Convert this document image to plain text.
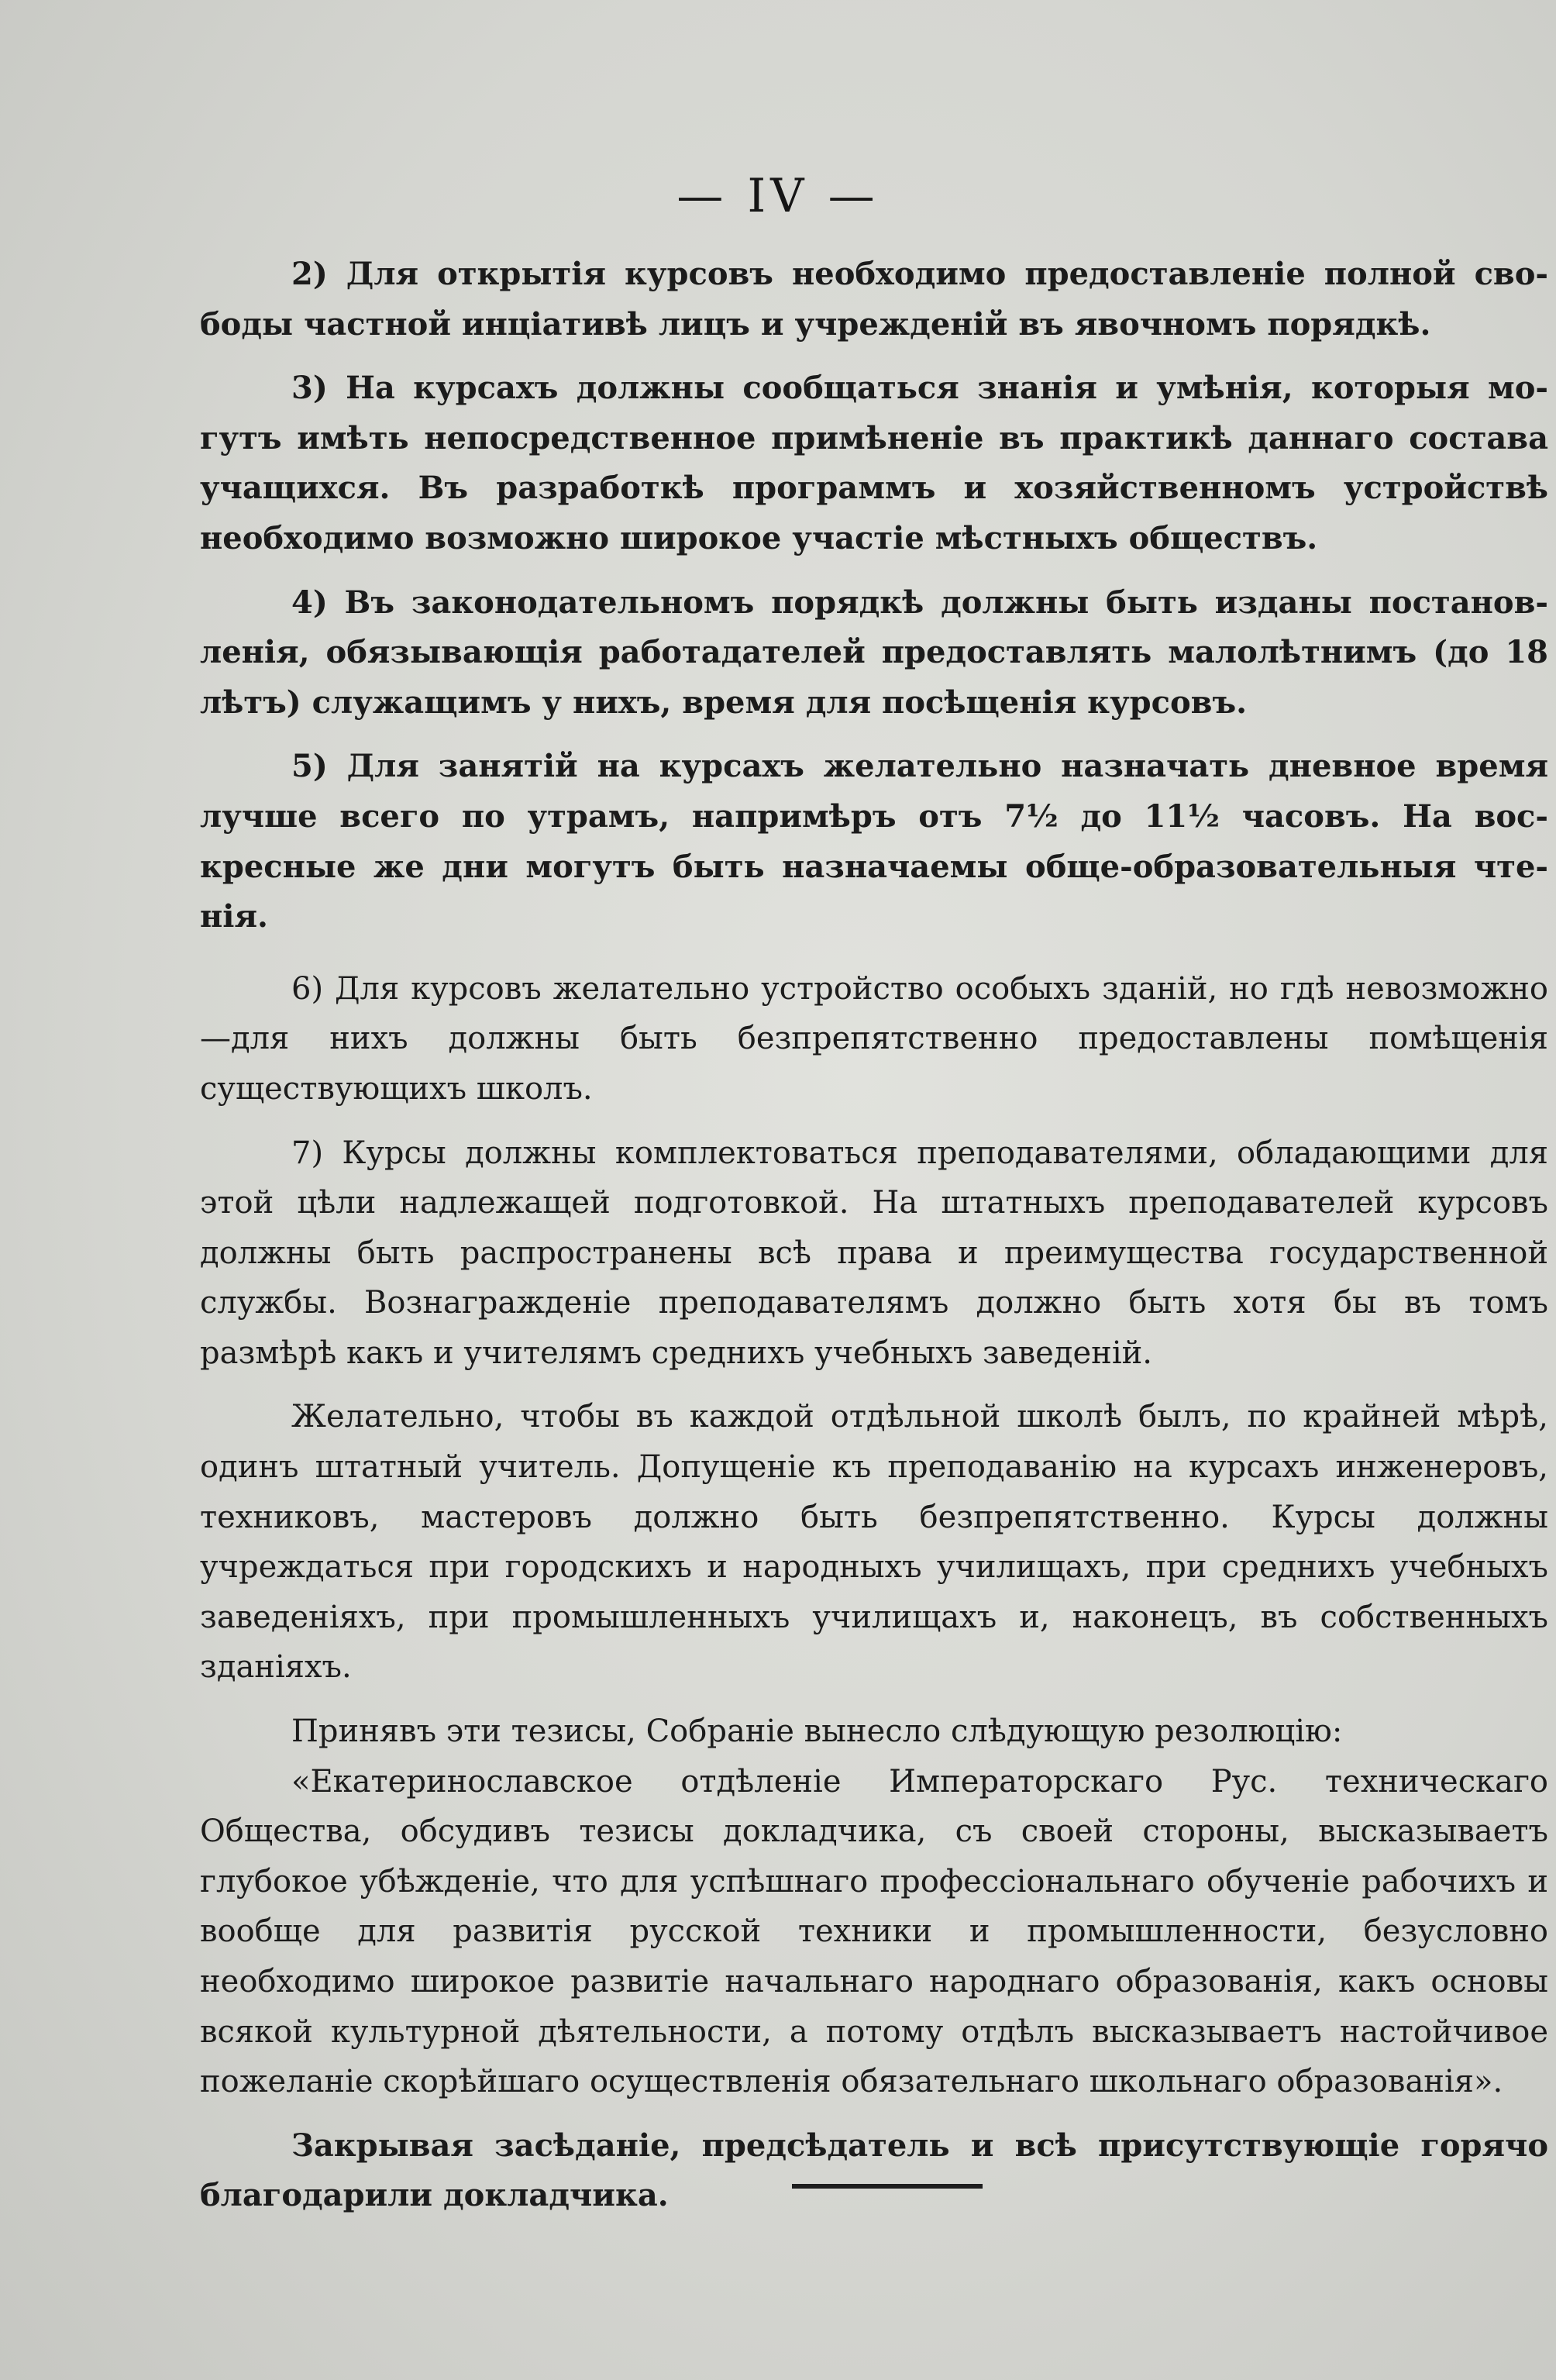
— IV —

2) Для открытія курсовъ необходимо предоставленіе полной свободы частной инціативѣ лицъ и учрежденій въ явочномъ порядкѣ.

3) На курсахъ должны сообщаться знанія и умѣнія, которыя могутъ имѣть непосредственное примѣненіе въ практикѣ даннаго состава учащихся. Въ разработкѣ программъ и хозяйственномъ устройствѣ необходимо возможно широкое участіе мѣстныхъ обществъ.

4) Въ законодательномъ порядкѣ должны быть изданы постановленія, обязывающія работадателей предоставлять малолѣтнимъ (до 18 лѣтъ) служащимъ у нихъ, время для посѣщенія курсовъ.

5) Для занятій на курсахъ желательно назначать дневное время лучше всего по утрамъ, напримѣръ отъ 7½ до 11½ часовъ. На воскресные же дни могутъ быть назначаемы обще-образовательныя чтенія.

6) Для курсовъ желательно устройство особыхъ зданій, но гдѣ невозможно—для нихъ должны быть безпрепятственно предоставлены помѣщенія существующихъ школъ.

7) Курсы должны комплектоваться преподавателями, обладающими для этой цѣли надлежащей подготовкой. На штатныхъ преподавателей курсовъ должны быть распространены всѣ права и преимущества государственной службы. Вознагражденіе преподавателямъ должно быть хотя бы въ томъ размѣрѣ какъ и учителямъ среднихъ учебныхъ заведеній.

Желательно, чтобы въ каждой отдѣльной школѣ былъ, по крайней мѣрѣ, одинъ штатный учитель. Допущеніе къ преподаванію на курсахъ инженеровъ, техниковъ, мастеровъ должно быть безпрепятственно. Курсы должны учреждаться при городскихъ и народныхъ училищахъ, при среднихъ учебныхъ заведеніяхъ, при промышленныхъ училищахъ и, наконецъ, въ собственныхъ зданіяхъ.

Принявъ эти тезисы, Собраніе вынесло слѣдующую резолюцію:

«Екатеринославское отдѣленіе Императорскаго Рус. техническаго Общества, обсудивъ тезисы докладчика, съ своей стороны, высказываетъ глубокое убѣжденіе, что для успѣшнаго профессіональнаго обученіе рабочихъ и вообще для развитія русской техники и промышленности, безусловно необходимо широкое развитіе начальнаго народнаго образованія, какъ основы всякой культурной дѣятельности, а потому отдѣлъ высказываетъ настойчивое пожеланіе скорѣйшаго осуществленія обязательнаго школьнаго образованія».

Закрывая засѣданіе, предсѣдатель и всѣ присутствующіе горячо благодарили докладчика.
